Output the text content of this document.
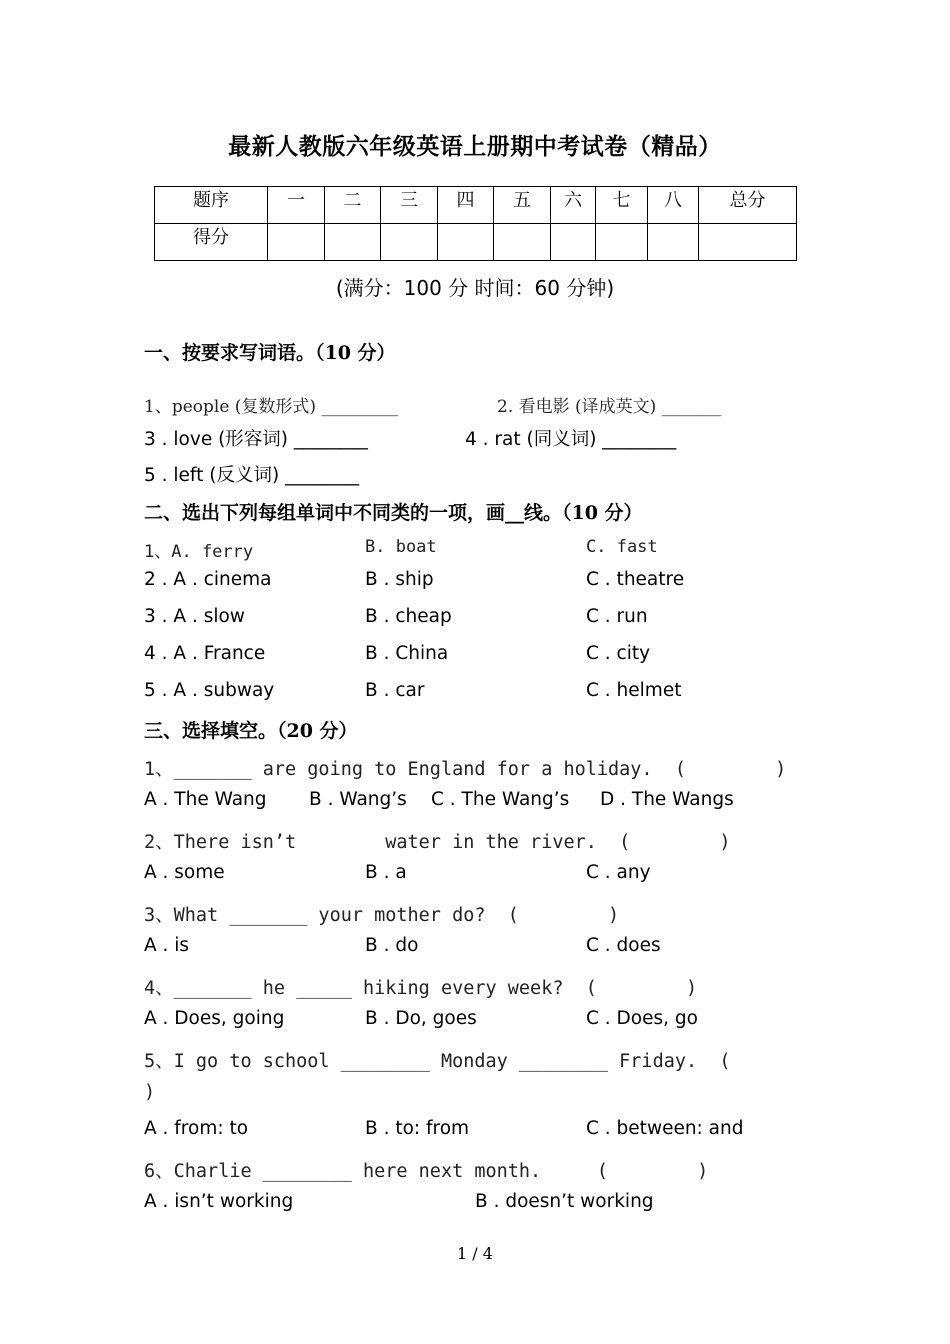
最新人教版六年级英语上册期中考试卷（精品）
题序	一	二	三	四	五	六	七	八	总分
得分									
(满分：100 分 时间：60 分钟)
一、按要求写词语。（10 分）
1、people (复数形式) _________	2. 看电影 (译成英文) _______
3 . love (形容词) ________	4 . rat (同义词) ________
5 . left (反义词) ________
二、选出下列每组单词中不同类的一项，画__线。（10 分）
1、A. ferry	B. boat	C. fast
2 . A . cinema	B . ship	C . theatre
3 . A . slow	B . cheap	C . run
4 . A . France	B . China	C . city
5 . A . subway	B . car	C . helmet
三、选择填空。（20 分）
1、_______ are going to England for a holiday.  (        )
A . The Wang B . Wang’s C . The Wang’s D . The Wangs
2、There isn’t        water in the river.  (        )
A . some	B . a	C . any
3、What _______ your mother do?  (        )
A . is	B . do	C . does
4、_______ he _____ hiking every week?  (        )
A . Does, going	B . Do, goes	C . Does, go
5、I go to school ________ Monday ________ Friday.  (
)
A . from: to	B . to: from	C . between: and
6、Charlie ________ here next month.     (        )
A . isn’t working	B . doesn’t working
1 / 4
